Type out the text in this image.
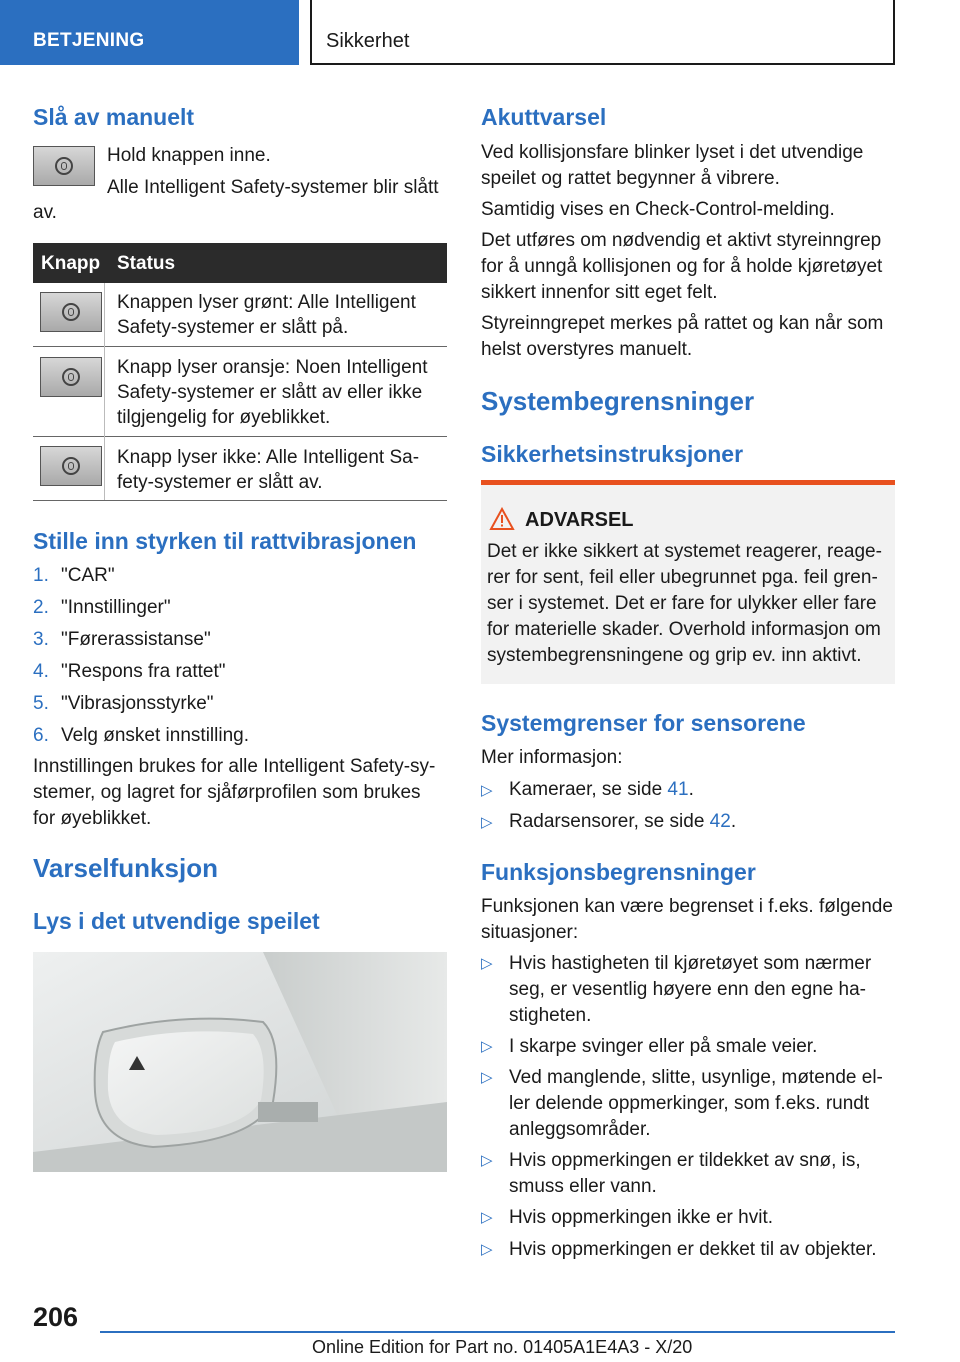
BETJENING	Sikkerhet
Slå av manuelt
Hold knappen inne.
Alle Intelligent Safety-systemer blir slått
av.
Knapp Status
Knappen lyser grønt: Alle Intelligent
Safety-systemer er slått på.
Knapp lyser oransje: Noen Intelligent
Safety-systemer er slått av eller ikke
tilgjengelig for øyeblikket.
Knapp lyser ikke: Alle Intelligent Sa-
fety-systemer er slått av.
Stille inn styrken til rattvibrasjonen
1. "CAR"
2. "Innstillinger"
3. "Førerassistanse"
4. "Respons fra rattet"
5. "Vibrasjonsstyrke"
6. Velg ønsket innstilling.
Innstillingen brukes for alle Intelligent Safety-sy-
stemer, og lagret for sjåførprofilen som brukes
for øyeblikket.
Varselfunksjon
Lys i det utvendige speilet
Akuttvarsel
Ved kollisjonsfare blinker lyset i det utvendige
speilet og rattet begynner å vibrere.
Samtidig vises en Check-Control-melding.
Det utføres om nødvendig et aktivt styreinngrep
for å unngå kollisjonen og for å holde kjøretøyet
sikkert innenfor sitt eget felt.
Styreinngrepet merkes på rattet og kan når som
helst overstyres manuelt.
Systembegrensninger
Sikkerhetsinstruksjoner
ADVARSEL
Det er ikke sikkert at systemet reagerer, reage-
rer for sent, feil eller ubegrunnet pga. feil gren-
ser i systemet. Det er fare for ulykker eller fare
for materielle skader. Overhold informasjon om
systembegrensningene og grip ev. inn aktivt.
Systemgrenser for sensorene
Mer informasjon:
▷ Kameraer, se side 41.
▷ Radarsensorer, se side 42.
Funksjonsbegrensninger
Funksjonen kan være begrenset i f.eks. følgende
situasjoner:
▷ Hvis hastigheten til kjøretøyet som nærmer
seg, er vesentlig høyere enn den egne ha-
stigheten.
▷ I skarpe svinger eller på smale veier.
▷ Ved manglende, slitte, usynlige, møtende el-
ler delende oppmerkinger, som f.eks. rundt
anleggsområder.
▷ Hvis oppmerkingen er tildekket av snø, is,
smuss eller vann.
▷ Hvis oppmerkingen ikke er hvit.
▷ Hvis oppmerkingen er dekket til av objekter.
206
Online Edition for Part no. 01405A1E4A3 - X/20
